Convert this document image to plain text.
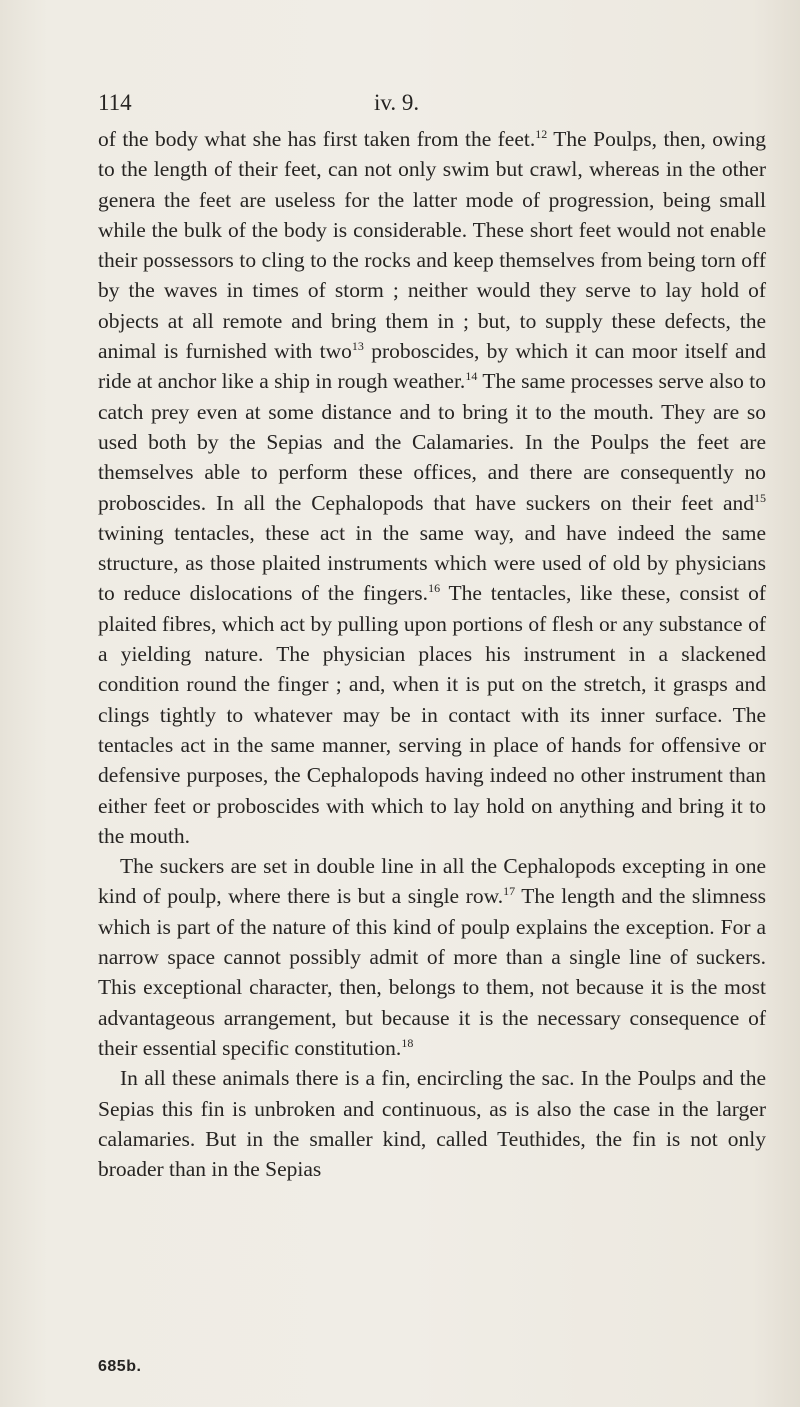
114	iv. 9.

of the body what she has first taken from the feet.$^{12}$ The Poulps, then, owing to the length of their feet, can not only swim but crawl, whereas in the other genera the feet are useless for the latter mode of progression, being small while the bulk of the body is considerable. These short feet would not enable their possessors to cling to the rocks and keep themselves from being torn off by the waves in times of storm ; neither would they serve to lay hold of objects at all remote and bring them in ; but, to supply these defects, the animal is furnished with two$^{13}$ proboscides, by which it can moor itself and ride at anchor like a ship in rough weather.$^{14}$ The same processes serve also to catch prey even at some distance and to bring it to the mouth. They are so used both by the Sepias and the Calamaries. In the Poulps the feet are themselves able to perform these offices, and there are consequently no proboscides. In all the Cephalopods that have suckers on their feet and$^{15}$ twining tentacles, these act in the same way, and have indeed the same structure, as those plaited instruments which were used of old by physicians to reduce dislocations of the fingers.$^{16}$ The tentacles, like these, consist of plaited fibres, which act by pulling upon portions of flesh or any substance of a yielding nature. The physician places his instrument in a slackened condition round the finger ; and, when it is put on the stretch, it grasps and clings tightly to whatever may be in contact with its inner surface. The tentacles act in the same manner, serving in place of hands for offensive or defensive purposes, the Cephalopods having indeed no other instrument than either feet or proboscides with which to lay hold on anything and bring it to the mouth.

The suckers are set in double line in all the Cephalopods excepting in one kind of poulp, where there is but a single row.$^{17}$ The length and the slimness which is part of the nature of this kind of poulp explains the exception. For a narrow space cannot possibly admit of more than a single line of suckers. This exceptional character, then, belongs to them, not because it is the most advantageous arrangement, but because it is the necessary consequence of their essential specific constitution.$^{18}$

In all these animals there is a fin, encircling the sac. In the Poulps and the Sepias this fin is unbroken and continuous, as is also the case in the larger calamaries. But in the smaller kind, called Teuthides, the fin is not only broader than in the Sepias

685b.
